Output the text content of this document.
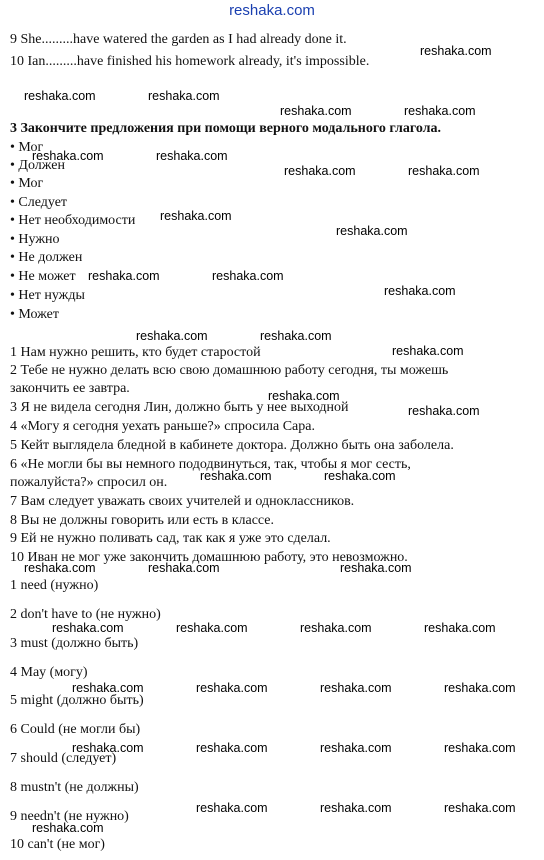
reshaka.com
9 She.........have watered the garden as I had already done it.
10 Ian.........have finished his homework already, it's impossible.
3 Закончите предложения при помощи верного модального глагола.
• Мог
• Должен
• Мог
• Следует
• Нет необходимости
• Нужно
• Не должен
• Не может
• Нет нужды
• Может
1 Нам нужно решить, кто будет старостой
2 Тебе не нужно делать всю свою домашнюю работу сегодня, ты можешь
закончить ее завтра.
3 Я не видела сегодня Лин, должно быть у нее выходной
4 «Могу я сегодня уехать раньше?» спросила Сара.
5 Кейт выглядела бледной в кабинете доктора. Должно быть она заболела.
6 «Не могли бы вы немного пододвинуться, так, чтобы я мог сесть,
пожалуйста?» спросил он.
7 Вам следует уважать своих учителей и одноклассников.
8 Вы не должны говорить или есть в классе.
9 Ей не нужно поливать сад, так как я уже это сделал.
10 Иван не мог уже закончить домашнюю работу, это невозможно.
1 need (нужно)
2 don't have to (не нужно)
3 must (должно быть)
4 May (могу)
5 might (должно быть)
6 Could (не могли бы)
7 should (следует)
8 mustn't (не должны)
9 needn't (не нужно)
10 can't (не мог)
reshaka.com
reshaka.com	reshaka.com
reshaka.com	reshaka.com
reshaka.com	reshaka.com
reshaka.com	reshaka.com
reshaka.com
reshaka.com
reshaka.com	reshaka.com
reshaka.com
reshaka.com	reshaka.com
reshaka.com
reshaka.com
reshaka.com
reshaka.com	reshaka.com
reshaka.com	reshaka.com	reshaka.com
reshaka.com	reshaka.com	reshaka.com	reshaka.com
reshaka.com	reshaka.com	reshaka.com	reshaka.com
reshaka.com	reshaka.com	reshaka.com	reshaka.com
reshaka.com	reshaka.com	reshaka.com
reshaka.com
